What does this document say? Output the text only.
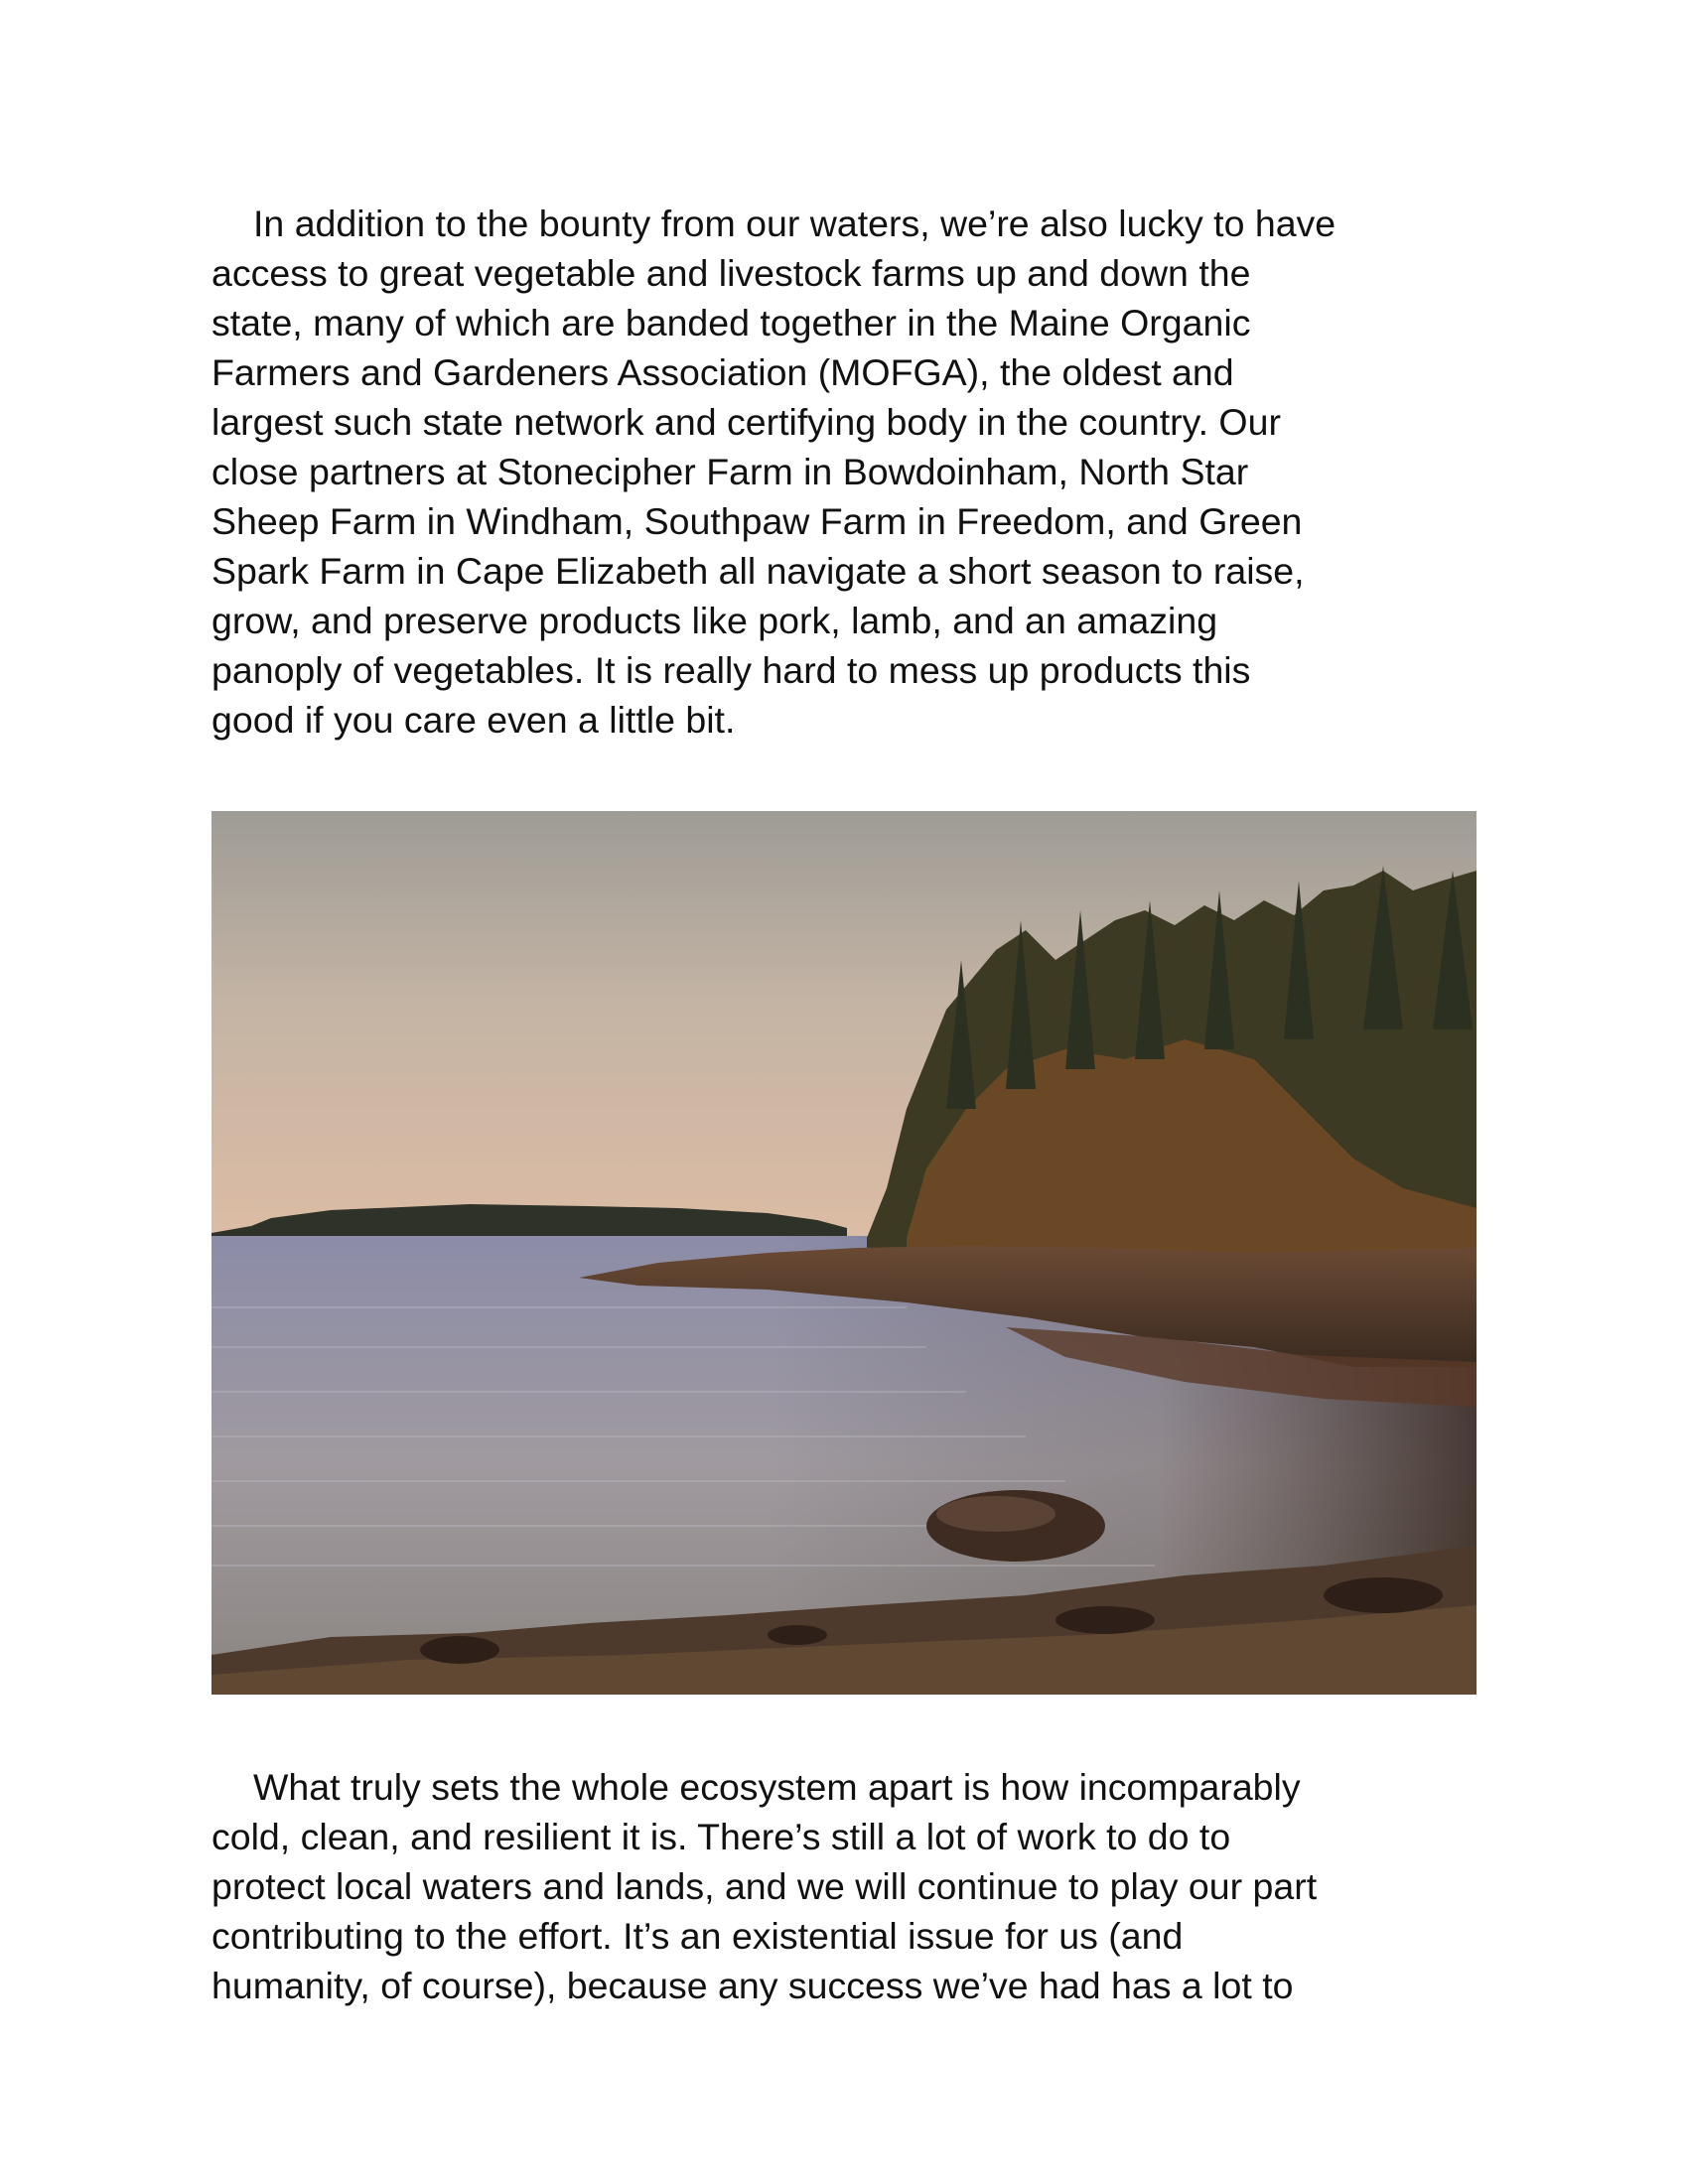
In addition to the bounty from our waters, we’re also lucky to have
access to great vegetable and livestock farms up and down the
state, many of which are banded together in the Maine Organic
Farmers and Gardeners Association (MOFGA), the oldest and
largest such state network and certifying body in the country. Our
close partners at Stonecipher Farm in Bowdoinham, North Star
Sheep Farm in Windham, Southpaw Farm in Freedom, and Green
Spark Farm in Cape Elizabeth all navigate a short season to raise,
grow, and preserve products like pork, lamb, and an amazing
panoply of vegetables. It is really hard to mess up products this
good if you care even a little bit.

What truly sets the whole ecosystem apart is how incomparably
cold, clean, and resilient it is. There’s still a lot of work to do to
protect local waters and lands, and we will continue to play our part
contributing to the effort. It’s an existential issue for us (and
humanity, of course), because any success we’ve had has a lot to
